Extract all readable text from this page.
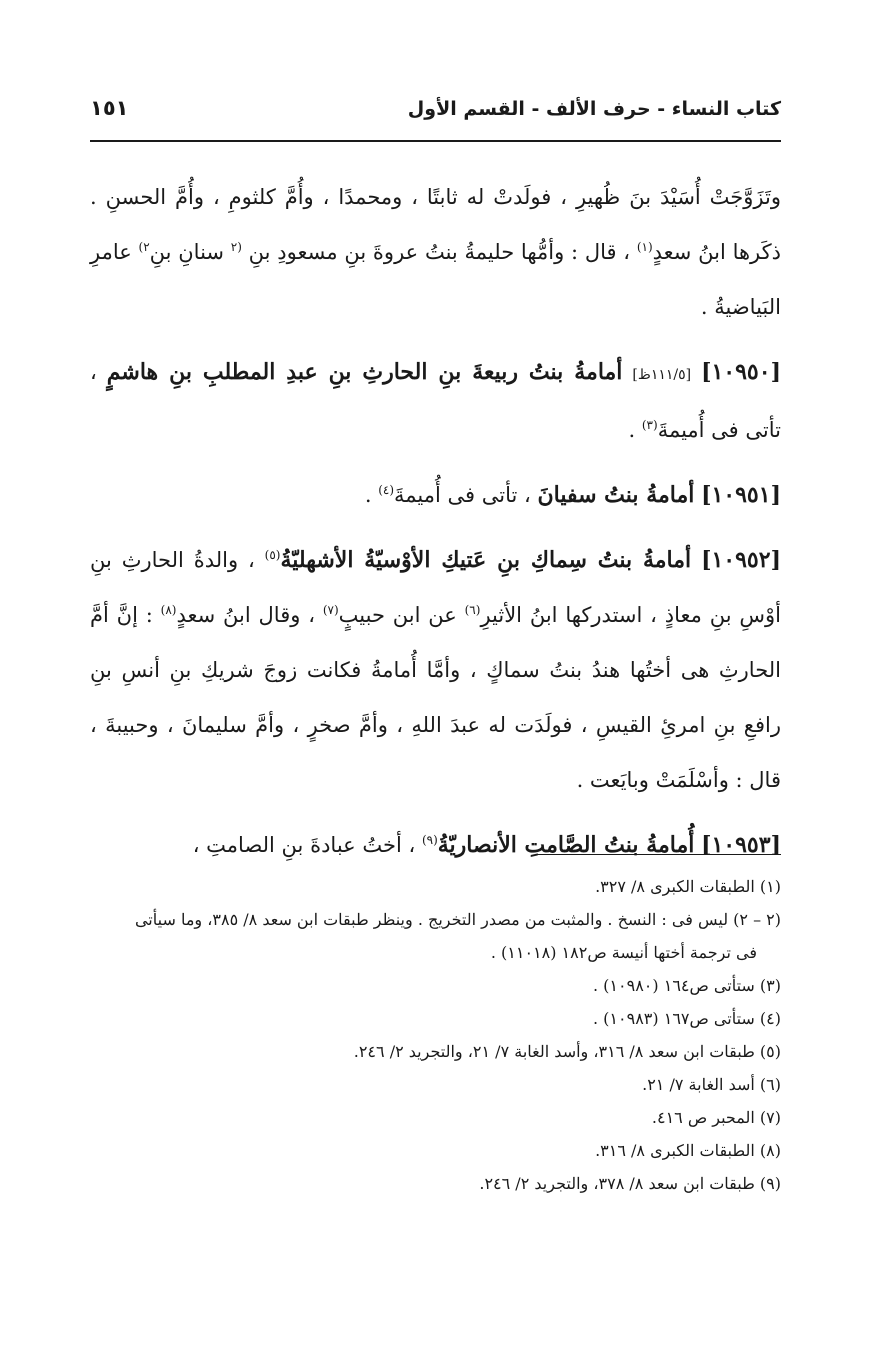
كتاب النساء - حرف الألف - القسم الأول
١٥١

وتَزَوَّجَتْ أُسَيْدَ بنَ ظُهيرِ ، فولَدتْ له ثابتًا ، ومحمدًا ، وأُمَّ كلثومِ ، وأُمَّ الحسنِ . ذكَرها ابنُ سعدٍ$^{(١)}$ ، قال : وأمُّها حليمةُ بنتُ عروةَ بنِ مسعودِ بنِ $^{(٢}$ سنانِ بنِ$^{٢)}$ عامرِ البَياضيةُ .

[١٠٩٥٠] [١١١/٥ظ] أمامةُ بنتُ ربيعةَ بنِ الحارثِ بنِ عبدِ المطلبِ بنِ هاشمٍ ، تأتى فى أُميمةَ$^{(٣)}$ .

[١٠٩٥١] أمامةُ بنتُ سفيانَ ، تأتى فى أُميمةَ$^{(٤)}$ .

[١٠٩٥٢] أمامةُ بنتُ سِماكِ بنِ عَتيكِ الأوْسيّةُ الأشهليّةُ$^{(٥)}$ ، والدةُ الحارثِ بنِ أوْسِ بنِ معاذٍ ، استدركها ابنُ الأثيرِ$^{(٦)}$ عن ابن حبيبٍ$^{(٧)}$ ، وقال ابنُ سعدٍ$^{(٨)}$ : إنَّ أمَّ الحارثِ هى أختُها هندُ بنتُ سماكٍ ، وأمَّا أُمامةُ فكانت زوجَ شريكِ بنِ أنسِ بنِ رافعِ بنِ امرئِ القيسِ ، فولَدَت له عبدَ اللهِ ، وأمَّ صخرٍ ، وأمَّ سليمانَ ، وحبيبةَ ، قال : وأسْلَمَتْ وبايَعت .

[١٠٩٥٣] أُمامةُ بنتُ الصَّامتِ الأنصاريّةُ$^{(٩)}$ ، أختُ عبادةَ بنِ الصامتِ ،

(١) الطبقات الكبرى ٨/ ٣٢٧.

(٢ – ٢) ليس فى : النسخ . والمثبت من مصدر التخريج . وينظر طبقات ابن سعد ٨/ ٣٨٥، وما سيأتى

فى ترجمة أختها أنيسة ص١٨٢ (١١٠١٨) .

(٣) ستأتى ص١٦٤ (١٠٩٨٠) .

(٤) ستأتى ص١٦٧ (١٠٩٨٣) .

(٥) طبقات ابن سعد ٨/ ٣١٦، وأسد الغابة ٧/ ٢١، والتجريد ٢/ ٢٤٦.

(٦) أسد الغابة ٧/ ٢١.

(٧) المحبر ص ٤١٦.

(٨) الطبقات الكبرى ٨/ ٣١٦.

(٩) طبقات ابن سعد ٨/ ٣٧٨، والتجريد ٢/ ٢٤٦.
